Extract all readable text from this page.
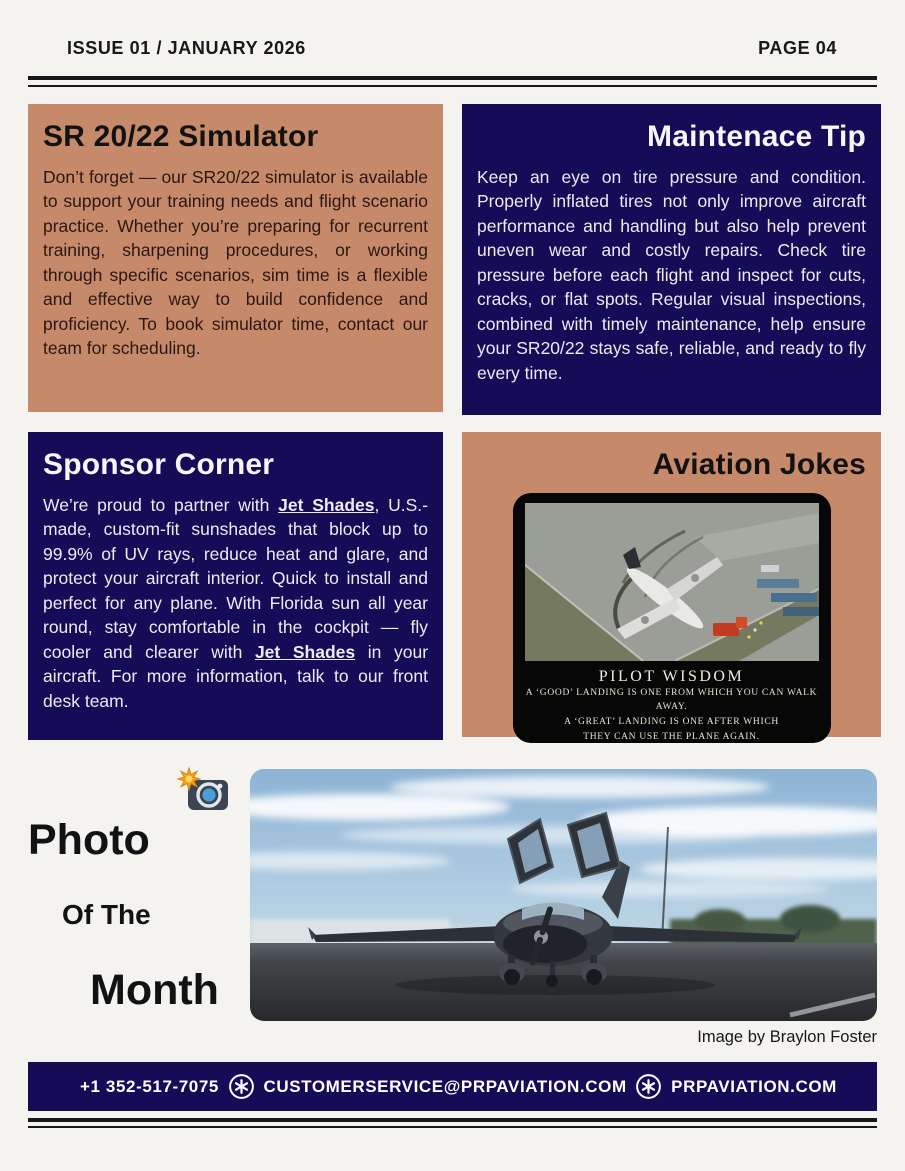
ISSUE 01 / JANUARY 2026	PAGE 04
SR 20/22 Simulator
Don’t forget — our SR20/22 simulator is available to support your training needs and flight scenario practice. Whether you’re preparing for recurrent training, sharpening procedures, or working through specific scenarios, sim time is a flexible and effective way to build confidence and proficiency. To book simulator time, contact our team for scheduling.
Maintenace Tip
Keep an eye on tire pressure and condition. Properly inflated tires not only improve aircraft performance and handling but also help prevent uneven wear and costly repairs. Check tire pressure before each flight and inspect for cuts, cracks, or flat spots. Regular visual inspections, combined with timely maintenance, help ensure your SR20/22 stays safe, reliable, and ready to fly every time.
Sponsor Corner
We’re proud to partner with Jet Shades, U.S.-made, custom-fit sunshades that block up to 99.9% of UV rays, reduce heat and glare, and protect your aircraft interior. Quick to install and perfect for any plane. With Florida sun all year round, stay comfortable in the cockpit — fly cooler and clearer with Jet Shades in your aircraft. For more information, talk to our front desk team.
Aviation Jokes
PILOT WISDOM
A ‘GOOD’ LANDING IS ONE FROM WHICH YOU CAN WALK AWAY.
A ‘GREAT’ LANDING IS ONE AFTER WHICH
THEY CAN USE THE PLANE AGAIN.
Photo
Of The
Month
Image by Braylon Foster
+1 352-517-7075	CUSTOMERSERVICE@PRPAVIATION.COM	PRPAVIATION.COM
